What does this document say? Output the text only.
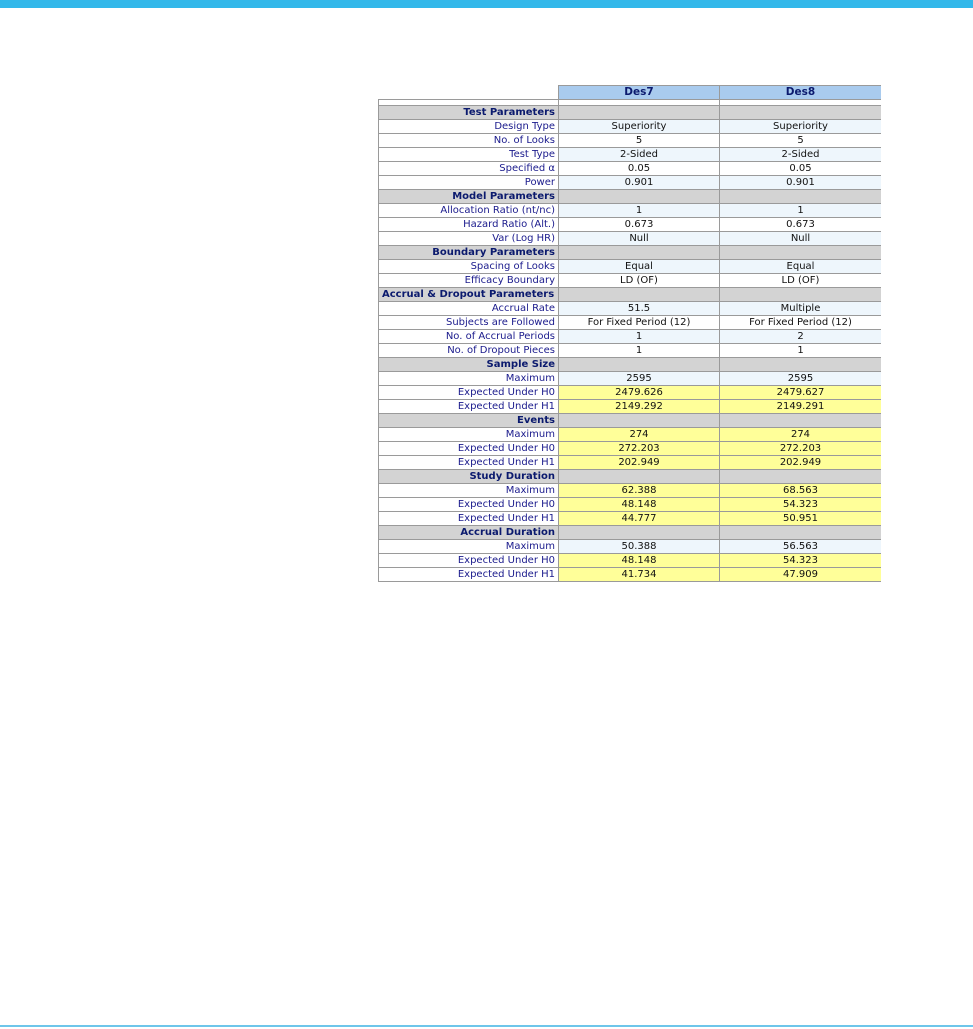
	Des7	Des8

Test Parameters		
Design Type	Superiority	Superiority
No. of Looks	5	5
Test Type	2-Sided	2-Sided
Specified α	0.05	0.05
Power	0.901	0.901
Model Parameters		
Allocation Ratio (nt/nc)	1	1
Hazard Ratio (Alt.)	0.673	0.673
Var (Log HR)	Null	Null
Boundary Parameters		
Spacing of Looks	Equal	Equal
Efficacy Boundary	LD (OF)	LD (OF)
Accrual & Dropout Parameters		
Accrual Rate	51.5	Multiple
Subjects are Followed	For Fixed Period (12)	For Fixed Period (12)
No. of Accrual Periods	1	2
No. of Dropout Pieces	1	1
Sample Size		
Maximum	2595	2595
Expected Under H0	2479.626	2479.627
Expected Under H1	2149.292	2149.291
Events		
Maximum	274	274
Expected Under H0	272.203	272.203
Expected Under H1	202.949	202.949
Study Duration		
Maximum	62.388	68.563
Expected Under H0	48.148	54.323
Expected Under H1	44.777	50.951
Accrual Duration		
Maximum	50.388	56.563
Expected Under H0	48.148	54.323
Expected Under H1	41.734	47.909
